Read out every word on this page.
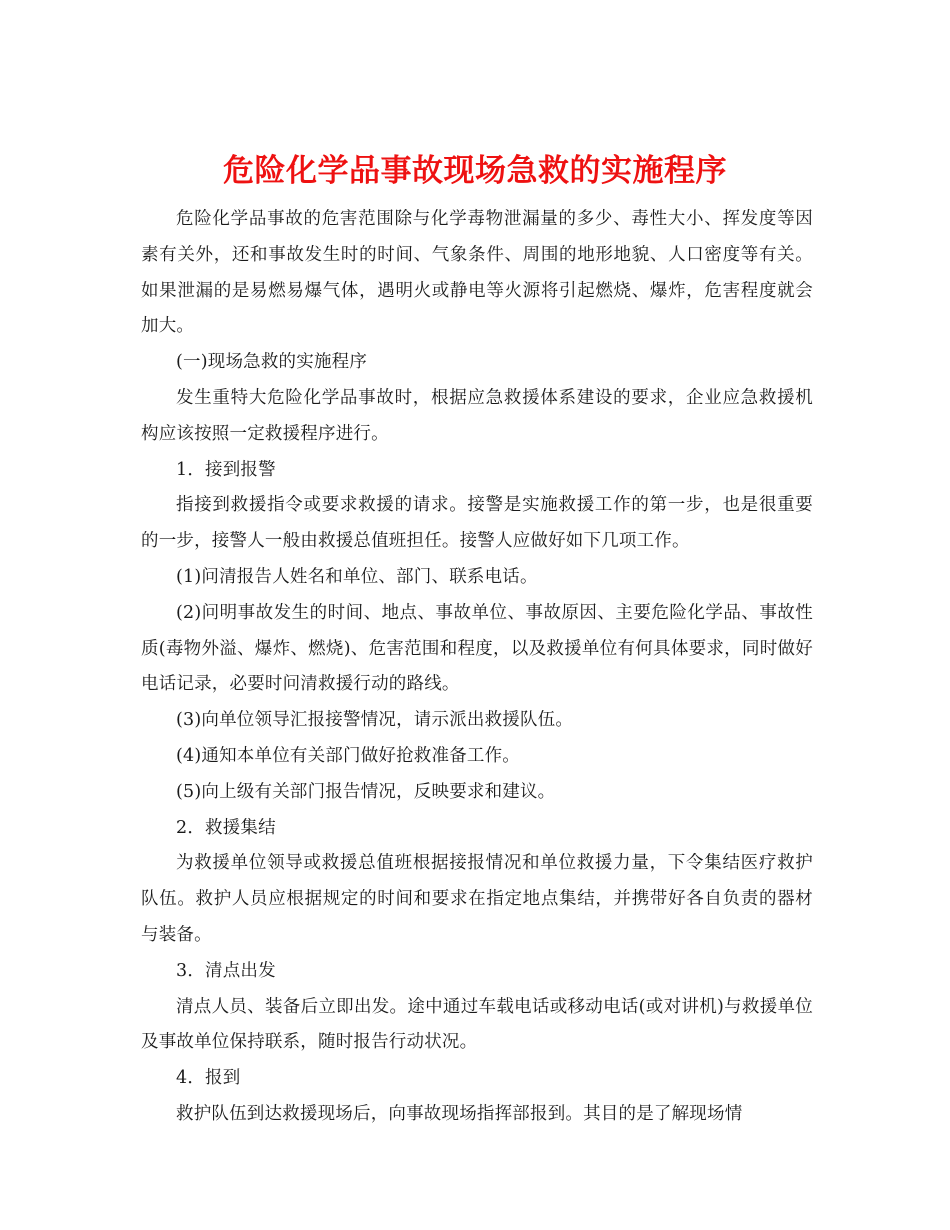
危险化学品事故现场急救的实施程序

危险化学品事故的危害范围除与化学毒物泄漏量的多少、毒性大小、挥发度等因素有关外，还和事故发生时的时间、气象条件、周围的地形地貌、人口密度等有关。如果泄漏的是易燃易爆气体，遇明火或静电等火源将引起燃烧、爆炸，危害程度就会加大。

(一)现场急救的实施程序

发生重特大危险化学品事故时，根据应急救援体系建设的要求，企业应急救援机构应该按照一定救援程序进行。

1．接到报警

指接到救援指令或要求救援的请求。接警是实施救援工作的第一步，也是很重要的一步，接警人一般由救援总值班担任。接警人应做好如下几项工作。

(1)问清报告人姓名和单位、部门、联系电话。

(2)问明事故发生的时间、地点、事故单位、事故原因、主要危险化学品、事故性质(毒物外溢、爆炸、燃烧)、危害范围和程度，以及救援单位有何具体要求，同时做好电话记录，必要时问清救援行动的路线。

(3)向单位领导汇报接警情况，请示派出救援队伍。

(4)通知本单位有关部门做好抢救准备工作。

(5)向上级有关部门报告情况，反映要求和建议。

2．救援集结

为救援单位领导或救援总值班根据接报情况和单位救援力量，下令集结医疗救护队伍。救护人员应根据规定的时间和要求在指定地点集结，并携带好各自负责的器材与装备。

3．清点出发

清点人员、装备后立即出发。途中通过车载电话或移动电话(或对讲机)与救援单位及事故单位保持联系，随时报告行动状况。

4．报到

救护队伍到达救援现场后，向事故现场指挥部报到。其目的是了解现场情
